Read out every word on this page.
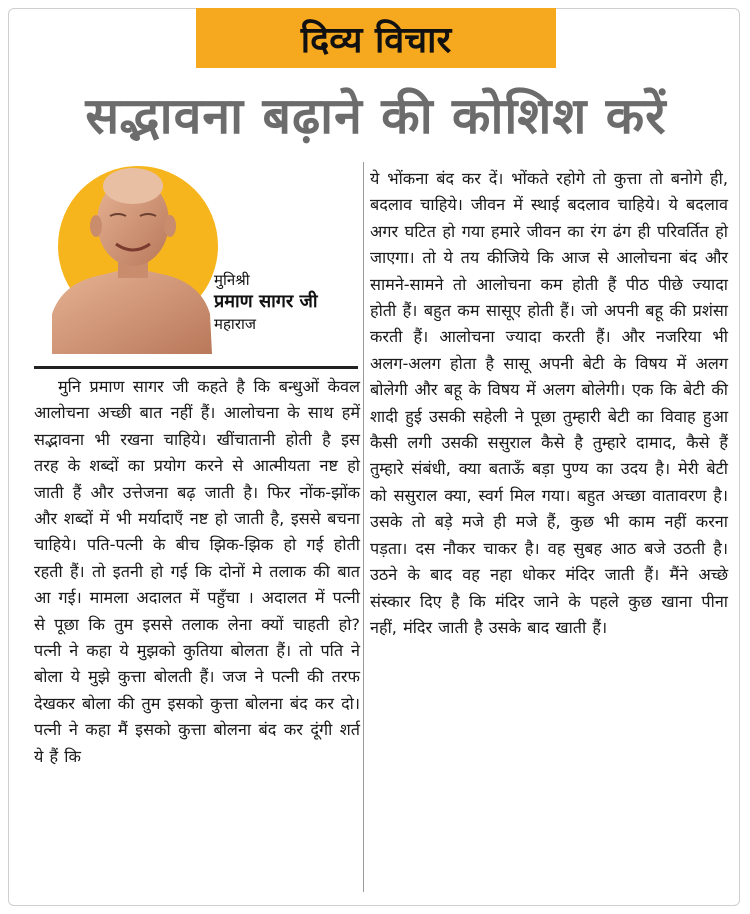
दिव्य विचार
सद्भावना बढ़ाने की कोशिश करें
मुनिश्री
प्रमाण सागर जी
महाराज
मुनि प्रमाण सागर जी कहते है कि बन्धुओं केवल आलोचना अच्छी बात नहीं हैं। आलोचना के साथ हमें सद्भावना भी रखना चाहिये। खींचातानी होती है इस तरह के शब्दों का प्रयोग करने से आत्मीयता नष्ट हो जाती हैं और उत्तेजना बढ़ जाती है। फिर नोंक-झोंक और शब्दों में भी मर्यादाएँ नष्ट हो जाती है, इससे बचना चाहिये। पति-पत्नी के बीच झिक-झिक हो गई होती रहती हैं। तो इतनी हो गई कि दोनों मे तलाक की बात आ गई। मामला अदालत में पहुँचा । अदालत में पत्नी से पूछा कि तुम इससे तलाक लेना क्यों चाहती हो? पत्नी ने कहा ये मुझको कुतिया बोलता हैं। तो पति ने बोला ये मुझे कुत्ता बोलती हैं। जज ने पत्नी की तरफ देखकर बोला की तुम इसको कुत्ता बोलना बंद कर दो। पत्नी ने कहा मैं इसको कुत्ता बोलना बंद कर दूंगी शर्त ये हैं कि
ये भोंकना बंद कर दें। भोंकते रहोगे तो कुत्ता तो बनोगे ही, बदलाव चाहिये। जीवन में स्थाई बदलाव चाहिये। ये बदलाव अगर घटित हो गया हमारे जीवन का रंग ढंग ही परिवर्तित हो जाएगा। तो ये तय कीजिये कि आज से आलोचना बंद और सामने-सामने तो आलोचना कम होती हैं पीठ पीछे ज्यादा होती हैं। बहुत कम सासूए होती हैं। जो अपनी बहू की प्रशंसा करती हैं। आलोचना ज्यादा करती हैं। और नजरिया भी अलग-अलग होता है सासू अपनी बेटी के विषय में अलग बोलेगी और बहू के विषय में अलग बोलेगी। एक कि बेटी की शादी हुई उसकी सहेली ने पूछा तुम्हारी बेटी का विवाह हुआ कैसी लगी उसकी ससुराल कैसे है तुम्हारे दामाद, कैसे हैं तुम्हारे संबंधी, क्या बताऊँ बड़ा पुण्य का उदय है। मेरी बेटी को ससुराल क्या, स्वर्ग मिल गया। बहुत अच्छा वातावरण है। उसके तो बड़े मजे ही मजे हैं, कुछ भी काम नहीं करना पड़ता। दस नौकर चाकर है। वह सुबह आठ बजे उठती है। उठने के बाद वह नहा धोकर मंदिर जाती हैं। मैंने अच्छे संस्कार दिए है कि मंदिर जाने के पहले कुछ खाना पीना नहीं, मंदिर जाती है उसके बाद खाती हैं।
